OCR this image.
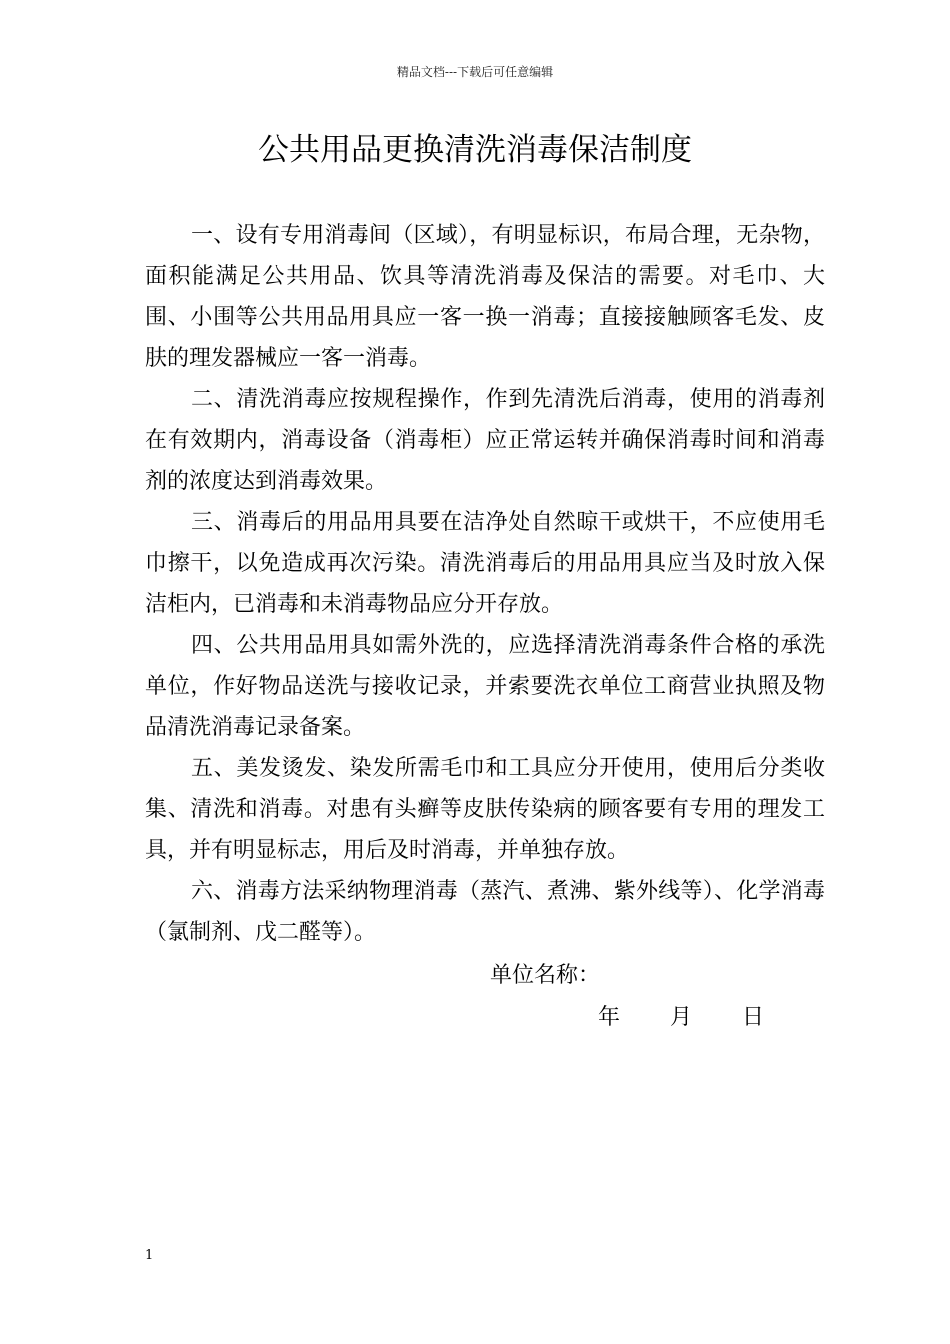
精品文档---下载后可任意编辑
公共用品更换清洗消毒保洁制度

一、设有专用消毒间（区域），有明显标识，布局合理，无杂物，面积能满足公共用品、饮具等清洗消毒及保洁的需要。对毛巾、大围、小围等公共用品用具应一客一换一消毒；直接接触顾客毛发、皮肤的理发器械应一客一消毒。

二、清洗消毒应按规程操作，作到先清洗后消毒，使用的消毒剂在有效期内，消毒设备（消毒柜）应正常运转并确保消毒时间和消毒剂的浓度达到消毒效果。

三、消毒后的用品用具要在洁净处自然晾干或烘干，不应使用毛巾擦干，以免造成再次污染。清洗消毒后的用品用具应当及时放入保洁柜内，已消毒和未消毒物品应分开存放。

四、公共用品用具如需外洗的，应选择清洗消毒条件合格的承洗单位，作好物品送洗与接收记录，并索要洗衣单位工商营业执照及物品清洗消毒记录备案。

五、美发烫发、染发所需毛巾和工具应分开使用，使用后分类收集、清洗和消毒。对患有头癣等皮肤传染病的顾客要有专用的理发工具，并有明显标志，用后及时消毒，并单独存放。

六、消毒方法采纳物理消毒（蒸汽、煮沸、紫外线等）、化学消毒（氯制剂、戊二醛等）。

单位名称：
年 月 日
1
